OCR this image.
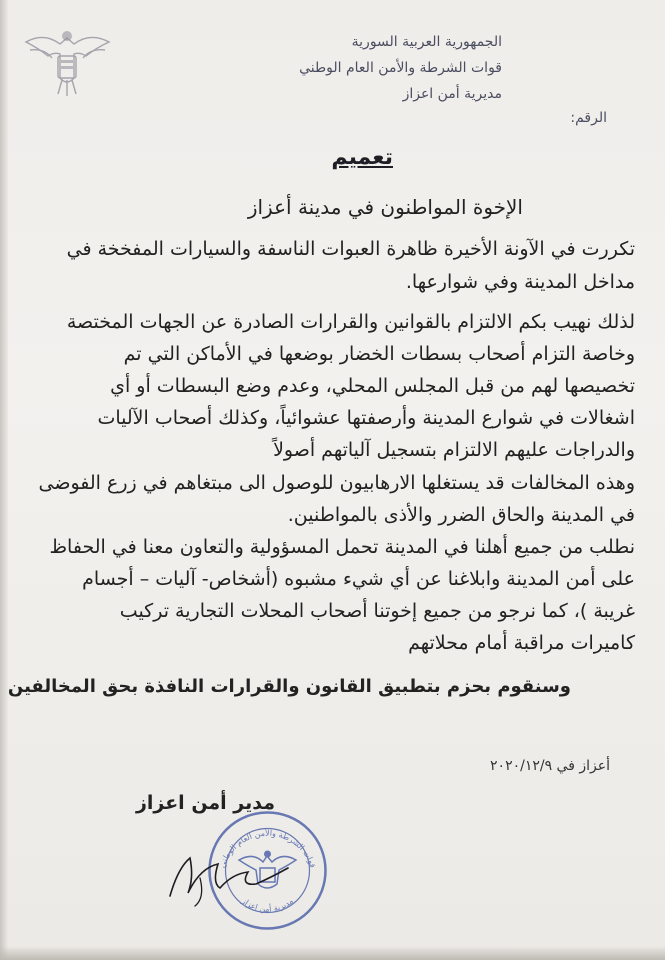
الجمهورية العربية السورية
قوات الشرطة والأمن العام الوطني
مديرية أمن اعزاز
الرقم:
تعميم
الإخوة المواطنون في مدينة أعزاز
تكررت في الآونة الأخيرة ظاهرة العبوات الناسفة والسيارات المفخخة في
مداخل المدينة وفي شوارعها.
لذلك نهيب بكم الالتزام بالقوانين والقرارات الصادرة عن الجهات المختصة
وخاصة التزام أصحاب بسطات الخضار بوضعها في الأماكن التي تم
تخصيصها لهم من قبل المجلس المحلي، وعدم وضع البسطات أو أي
اشغالات في شوارع المدينة وأرصفتها عشوائياً، وكذلك أصحاب الآليات
والدراجات عليهم الالتزام بتسجيل آلياتهم أصولاً
وهذه المخالفات قد يستغلها الارهابيون للوصول الى مبتغاهم في زرع الفوضى
في المدينة والحاق الضرر والأذى بالمواطنين.
نطلب من جميع أهلنا في المدينة تحمل المسؤولية والتعاون معنا في الحفاظ
على أمن المدينة وابلاغنا عن أي شيء مشبوه (أشخاص- آليات – أجسام
غريبة )، كما نرجو من جميع إخوتنا أصحاب المحلات التجارية تركيب
كاميرات مراقبة أمام محلاتهم
وسنقوم بحزم بتطبيق القانون والقرارات النافذة بحق المخالفين
أعزاز في ٢٠٢٠/١٢/٩
مدير أمن اعزاز
قوات الشرطة والأمن العام الوطني
مديرية أمن اعزاز
